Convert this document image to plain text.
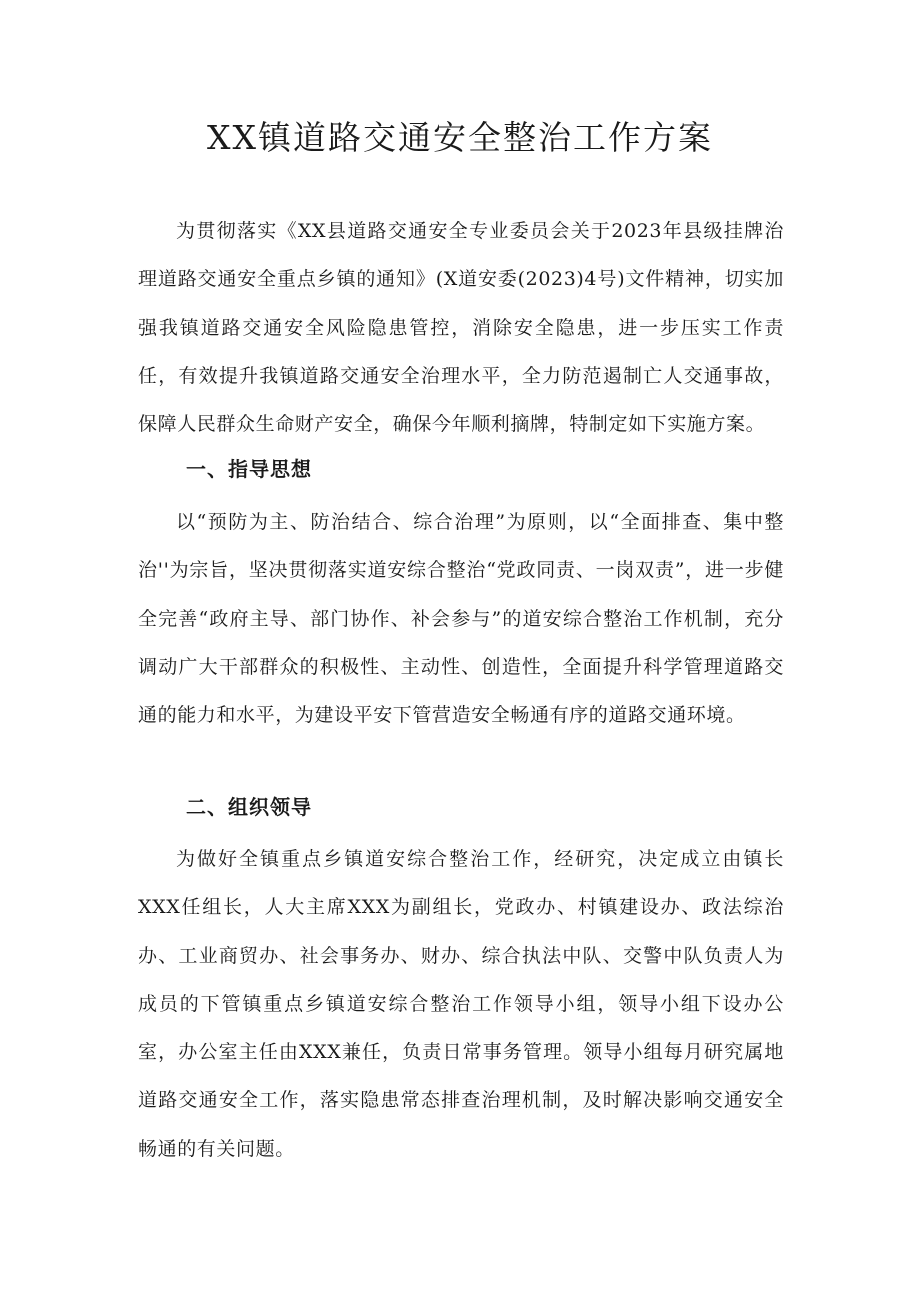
XX镇道路交通安全整治工作方案

为贯彻落实《XX县道路交通安全专业委员会关于2023年县级挂牌治理道路交通安全重点乡镇的通知》(X道安委(2023)4号)文件精神，切实加强我镇道路交通安全风险隐患管控，消除安全隐患，进一步压实工作责任，有效提升我镇道路交通安全治理水平，全力防范遏制亡人交通事故，保障人民群众生命财产安全，确保今年顺利摘牌，特制定如下实施方案。

一、指导思想

以“预防为主、防治结合、综合治理”为原则，以“全面排查、集中整治''为宗旨，坚决贯彻落实道安综合整治“党政同责、一岗双责”，进一步健全完善“政府主导、部门协作、补会参与”的道安综合整治工作机制，充分调动广大干部群众的积极性、主动性、创造性，全面提升科学管理道路交通的能力和水平，为建设平安下管营造安全畅通有序的道路交通环境。

二、组织领导

为做好全镇重点乡镇道安综合整治工作，经研究，决定成立由镇长XXX任组长，人大主席XXX为副组长，党政办、村镇建设办、政法综治办、工业商贸办、社会事务办、财办、综合执法中队、交警中队负责人为成员的下管镇重点乡镇道安综合整治工作领导小组，领导小组下设办公室，办公室主任由XXX兼任，负责日常事务管理。领导小组每月研究属地道路交通安全工作，落实隐患常态排查治理机制，及时解决影响交通安全畅通的有关问题。
